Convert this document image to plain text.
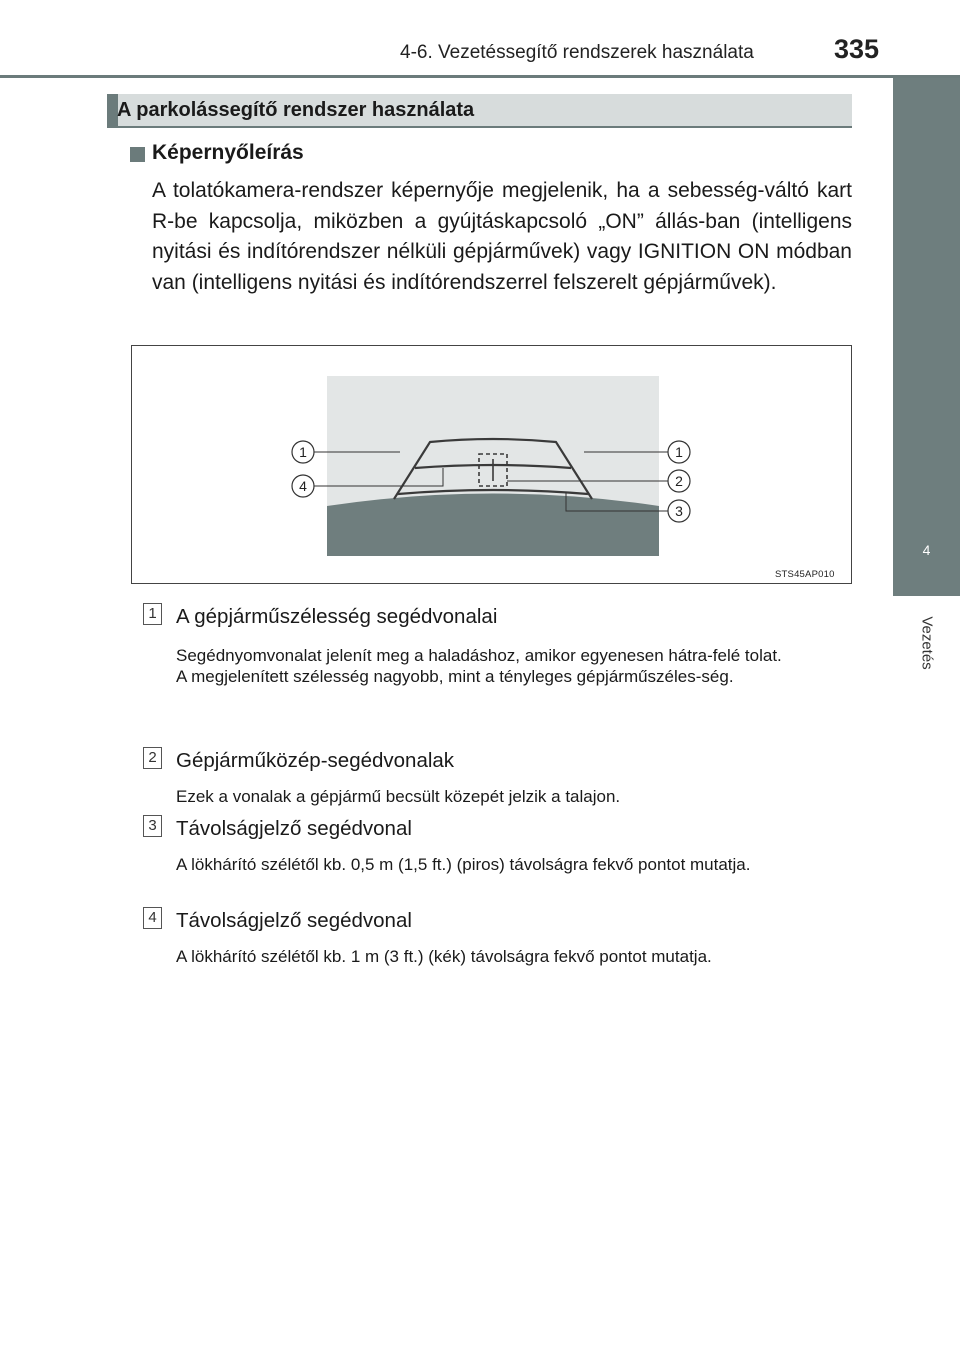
4-6. Vezetéssegítő rendszerek használata	335
4
Vezetés
A parkolássegítő rendszer használata
Képernyőleírás

A tolatókamera-rendszer képernyője megjelenik, ha a sebesség-váltó kart R-be kapcsolja, miközben a gyújtáskapcsoló „ON” állás-ban (intelligens nyitási és indítórendszer nélküli gépjárművek) vagy IGNITION ON módban van (intelligens nyitási és indítórendszerrel felszerelt gépjárművek).

1	1
2
3
4
STS45AP010
1 A gépjárműszélesség segédvonalai

Segédnyomvonalat jelenít meg a haladáshoz, amikor egyenesen hátra-felé tolat.
A megjelenített szélesség nagyobb, mint a tényleges gépjárműszéles-ség.

2 Gépjárműközép-segédvonalak

Ezek a vonalak a gépjármű becsült közepét jelzik a talajon.

3 Távolságjelző segédvonal

A lökhárító szélétől kb. 0,5 m (1,5 ft.) (piros) távolságra fekvő pontot mutatja.

4 Távolságjelző segédvonal

A lökhárító szélétől kb. 1 m (3 ft.) (kék) távolságra fekvő pontot mutatja.
